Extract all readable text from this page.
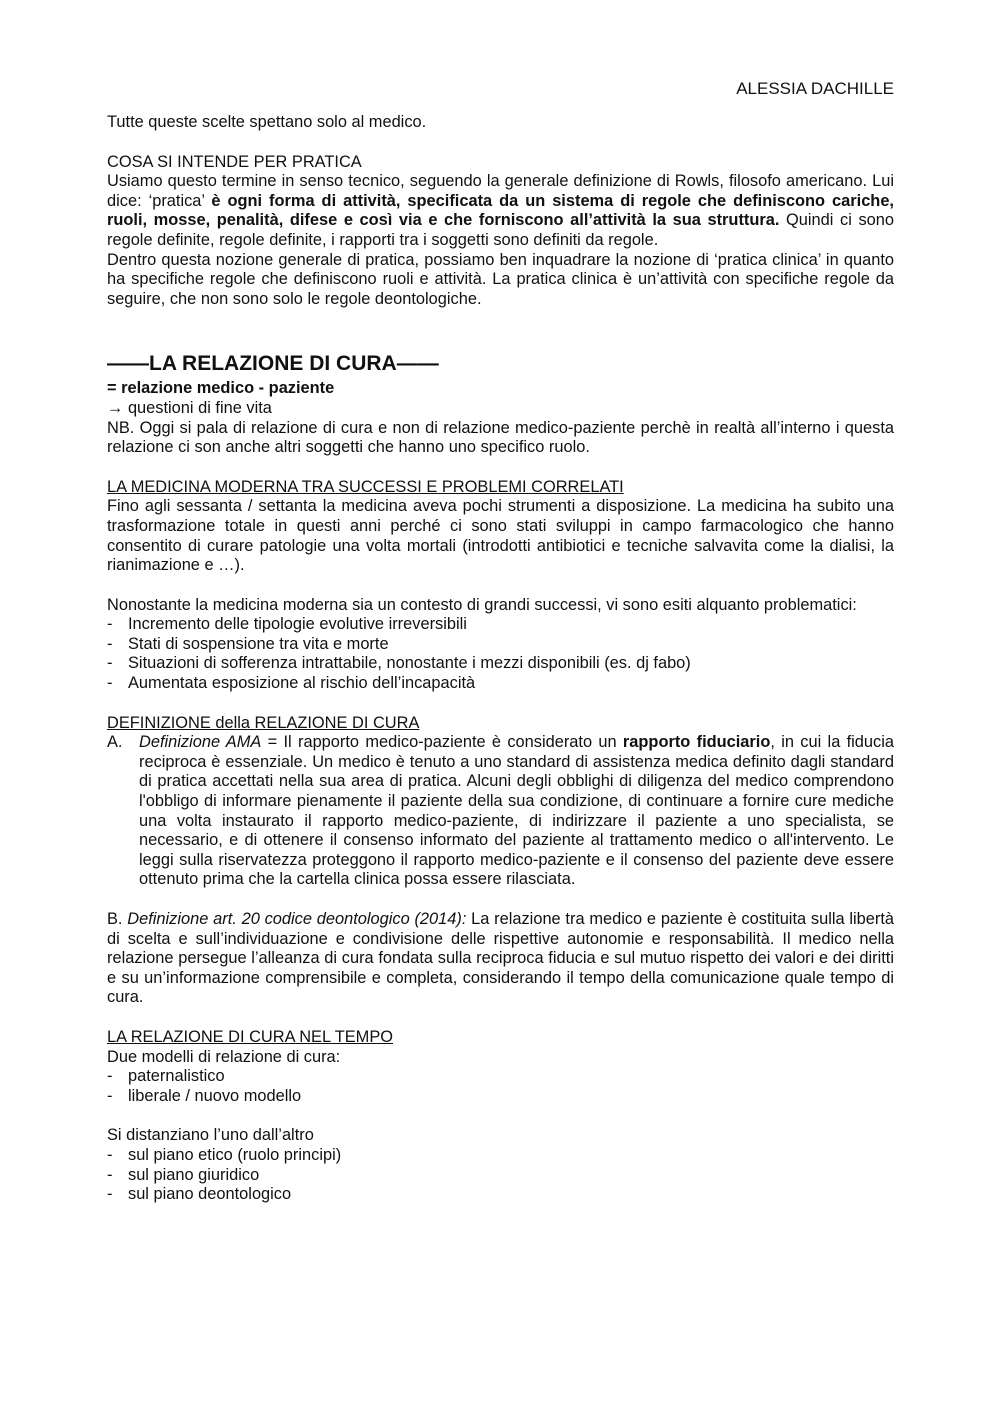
ALESSIA DACHILLE

Tutte queste scelte spettano solo al medico.

COSA SI INTENDE PER PRATICA

Usiamo questo termine in senso tecnico, seguendo la generale definizione di Rowls, filosofo americano. Lui dice: ‘pratica’ è ogni forma di attività, specificata da un sistema di regole che definiscono cariche, ruoli, mosse, penalità, difese e così via e che forniscono all’attività la sua struttura. Quindi ci sono regole definite, regole definite, i rapporti tra i soggetti sono definiti da regole.

Dentro questa nozione generale di pratica, possiamo ben inquadrare la nozione di ‘pratica clinica’ in quanto ha specifiche regole che definiscono ruoli e attività. La pratica clinica è un’attività con specifiche regole da seguire, che non sono solo le regole deontologiche.

——LA RELAZIONE DI CURA——

= relazione medico - paziente

→ questioni di fine vita

NB. Oggi si pala di relazione di cura e non di relazione medico-paziente perchè in realtà all’interno i questa relazione ci son anche altri soggetti che hanno uno specifico ruolo.

LA MEDICINA MODERNA TRA SUCCESSI E PROBLEMI CORRELATI

Fino agli sessanta / settanta la medicina aveva pochi strumenti a disposizione. La medicina ha subito una trasformazione totale in questi anni perché ci sono stati sviluppi in campo farmacologico che hanno consentito di curare patologie una volta mortali (introdotti antibiotici e tecniche salvavita come la dialisi, la rianimazione e …).

Nonostante la medicina moderna sia un contesto di grandi successi, vi sono esiti alquanto problematici:

- Incremento delle tipologie evolutive irreversibili

- Stati di sospensione tra vita e morte

- Situazioni di sofferenza intrattabile, nonostante i mezzi disponibili (es. dj fabo)

- Aumentata esposizione al rischio dell’incapacità

DEFINIZIONE della RELAZIONE DI CURA

A. Definizione AMA = Il rapporto medico-paziente è considerato un rapporto fiduciario, in cui la fiducia reciproca è essenziale. Un medico è tenuto a uno standard di assistenza medica definito dagli standard di pratica accettati nella sua area di pratica. Alcuni degli obblighi di diligenza del medico comprendono l'obbligo di informare pienamente il paziente della sua condizione, di continuare a fornire cure mediche una volta instaurato il rapporto medico-paziente, di indirizzare il paziente a uno specialista, se necessario, e di ottenere il consenso informato del paziente al trattamento medico o all'intervento. Le leggi sulla riservatezza proteggono il rapporto medico-paziente e il consenso del paziente deve essere ottenuto prima che la cartella clinica possa essere rilasciata.

B. Definizione art. 20 codice deontologico (2014): La relazione tra medico e paziente è costituita sulla libertà di scelta e sull’individuazione e condivisione delle rispettive autonomie e responsabilità. Il medico nella relazione persegue l’alleanza di cura fondata sulla reciproca fiducia e sul mutuo rispetto dei valori e dei diritti e su un’informazione comprensibile e completa, considerando il tempo della comunicazione quale tempo di cura.

LA RELAZIONE DI CURA NEL TEMPO

Due modelli di relazione di cura:

- paternalistico

- liberale / nuovo modello

Si distanziano l’uno dall’altro

- sul piano etico (ruolo principi)

- sul piano giuridico

- sul piano deontologico
